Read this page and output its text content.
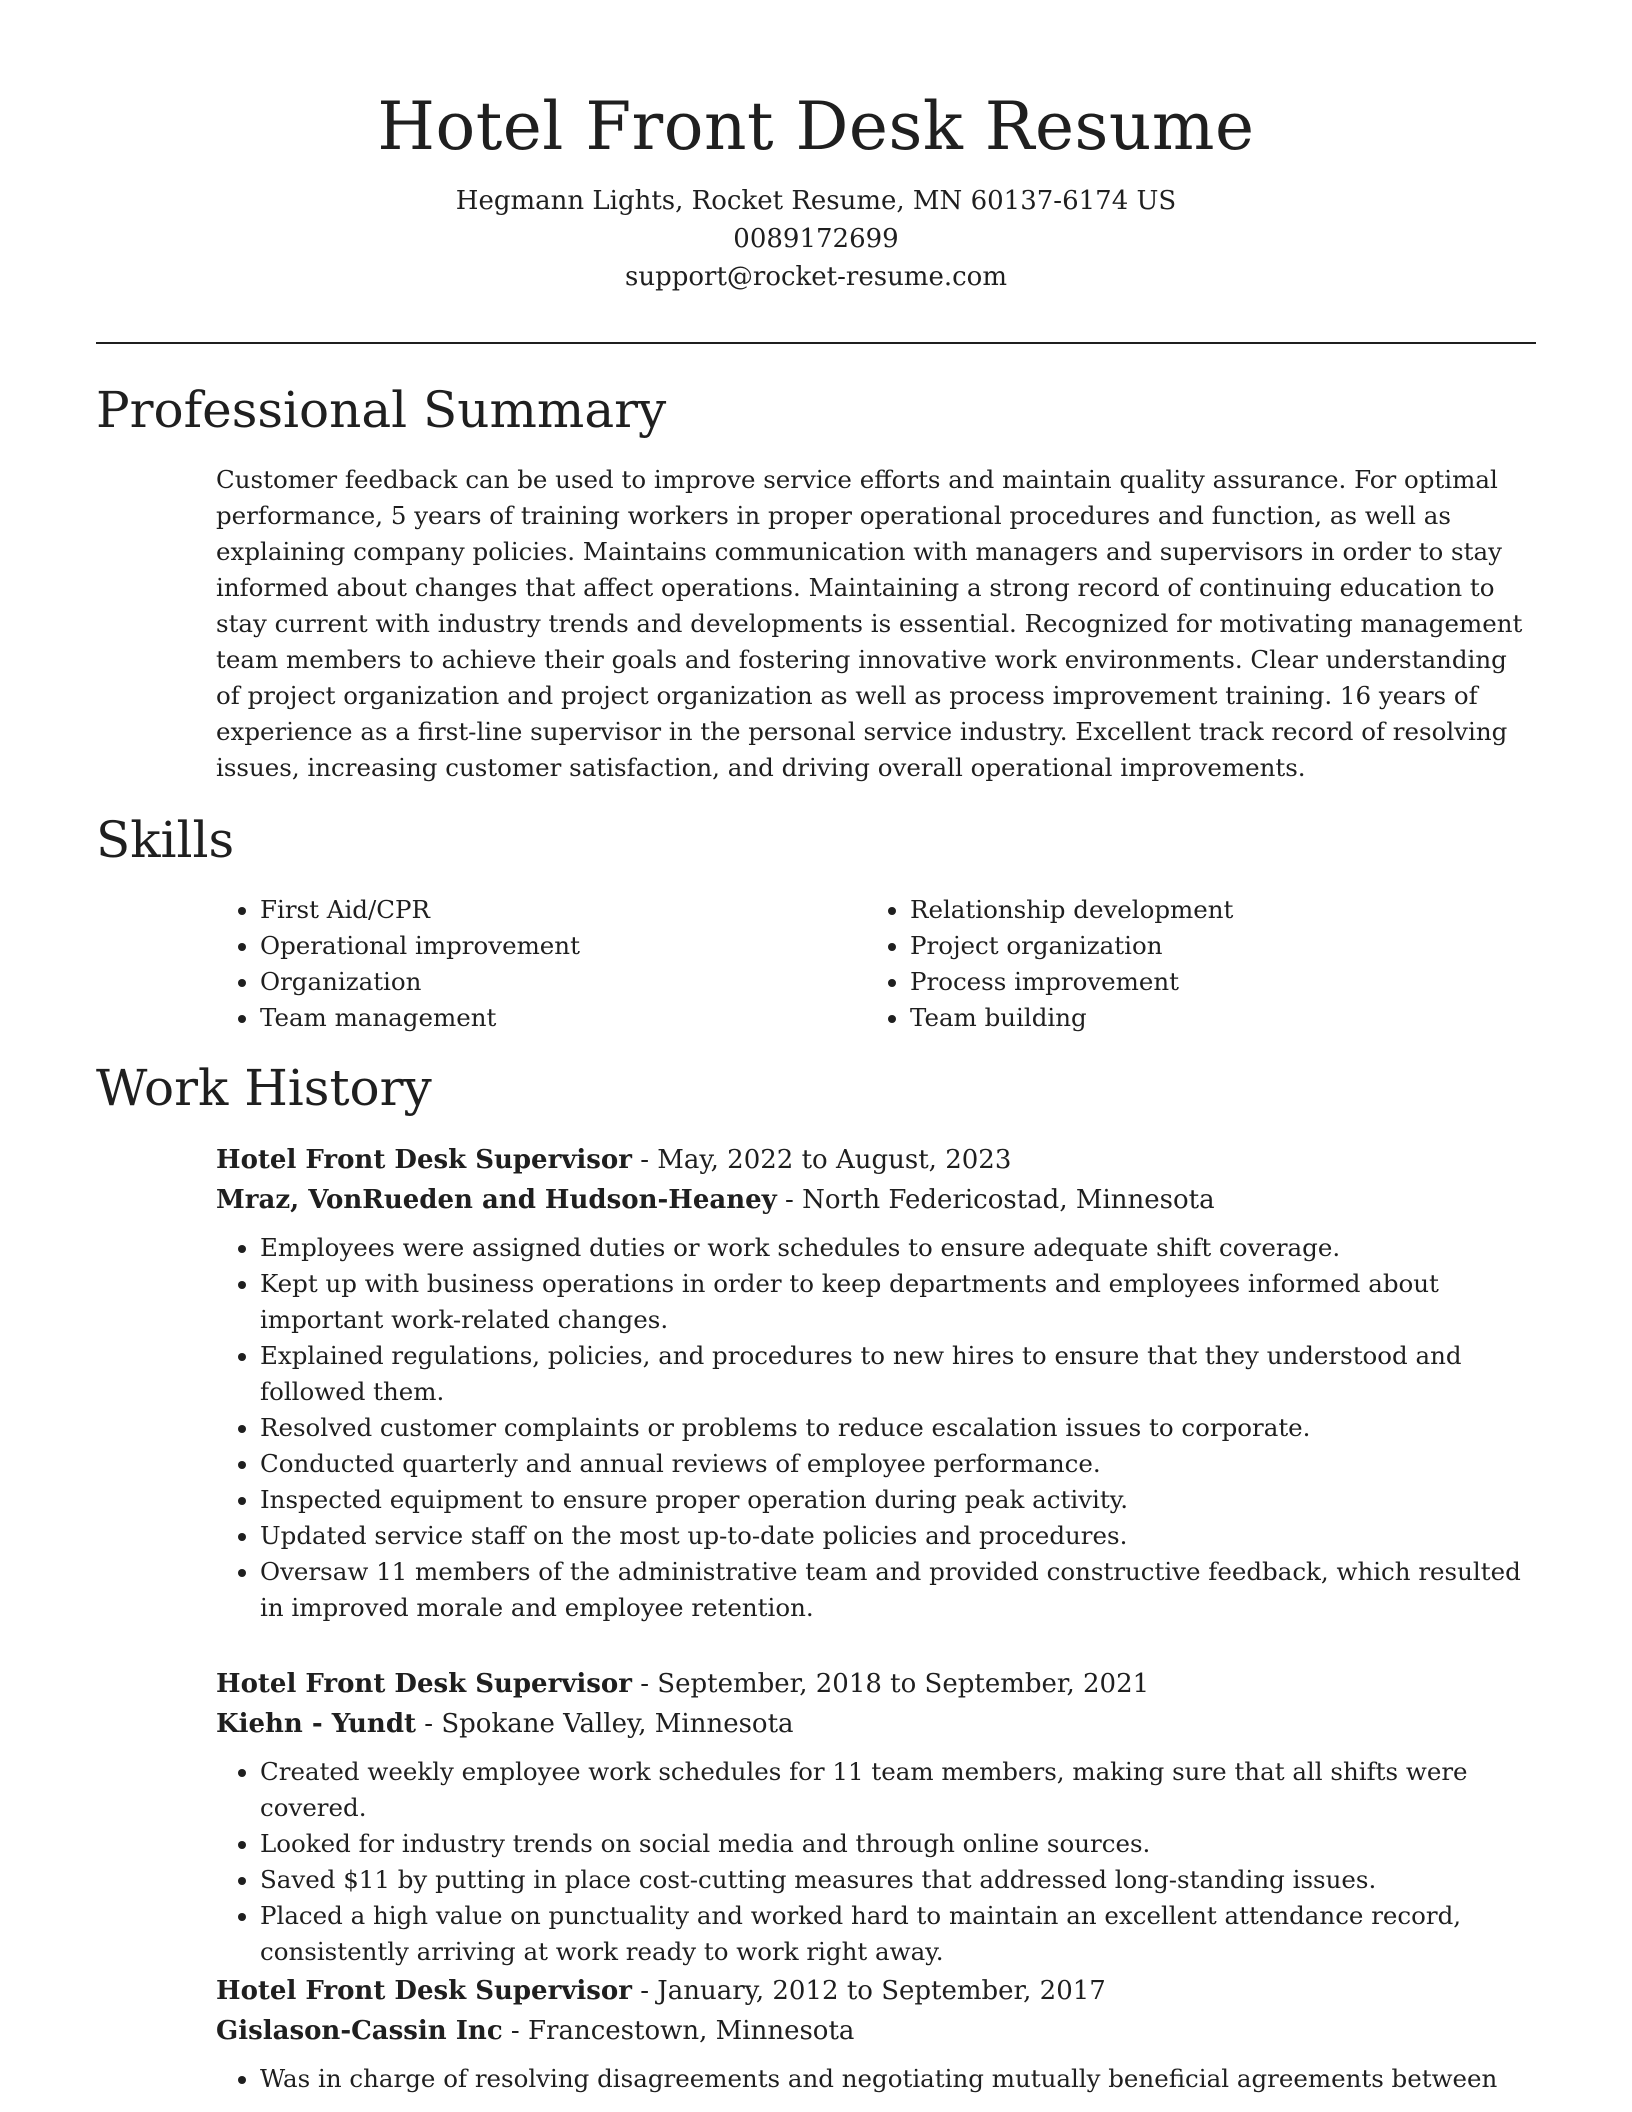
Hotel Front Desk Resume
Hegmann Lights, Rocket Resume, MN 60137-6174 US
0089172699
support@rocket-resume.com
Professional Summary

Customer feedback can be used to improve service efforts and maintain quality assurance. For optimal performance, 5 years of training workers in proper operational procedures and function, as well as explaining company policies. Maintains communication with managers and supervisors in order to stay informed about changes that affect operations. Maintaining a strong record of continuing education to stay current with industry trends and developments is essential. Recognized for motivating management team members to achieve their goals and fostering innovative work environments. Clear understanding of project organization and project organization as well as process improvement training. 16 years of experience as a first-line supervisor in the personal service industry. Excellent track record of resolving issues, increasing customer satisfaction, and driving overall operational improvements.

Skills
• First Aid/CPR
• Operational improvement
• Organization
• Team management
• Relationship development
• Project organization
• Process improvement
• Team building
Work History
Hotel Front Desk Supervisor - May, 2022 to August, 2023
Mraz, VonRueden and Hudson-Heaney - North Federicostad, Minnesota
• Employees were assigned duties or work schedules to ensure adequate shift coverage.
• Kept up with business operations in order to keep departments and employees informed about important work-related changes.
• Explained regulations, policies, and procedures to new hires to ensure that they understood and followed them.
• Resolved customer complaints or problems to reduce escalation issues to corporate.
• Conducted quarterly and annual reviews of employee performance.
• Inspected equipment to ensure proper operation during peak activity.
• Updated service staff on the most up-to-date policies and procedures.
• Oversaw 11 members of the administrative team and provided constructive feedback, which resulted in improved morale and employee retention.
Hotel Front Desk Supervisor - September, 2018 to September, 2021
Kiehn - Yundt - Spokane Valley, Minnesota
• Created weekly employee work schedules for 11 team members, making sure that all shifts were covered.
• Looked for industry trends on social media and through online sources.
• Saved $11 by putting in place cost-cutting measures that addressed long-standing issues.
• Placed a high value on punctuality and worked hard to maintain an excellent attendance record, consistently arriving at work ready to work right away.
Hotel Front Desk Supervisor - January, 2012 to September, 2017
Gislason-Cassin Inc - Francestown, Minnesota
• Was in charge of resolving disagreements and negotiating mutually beneficial agreements between
